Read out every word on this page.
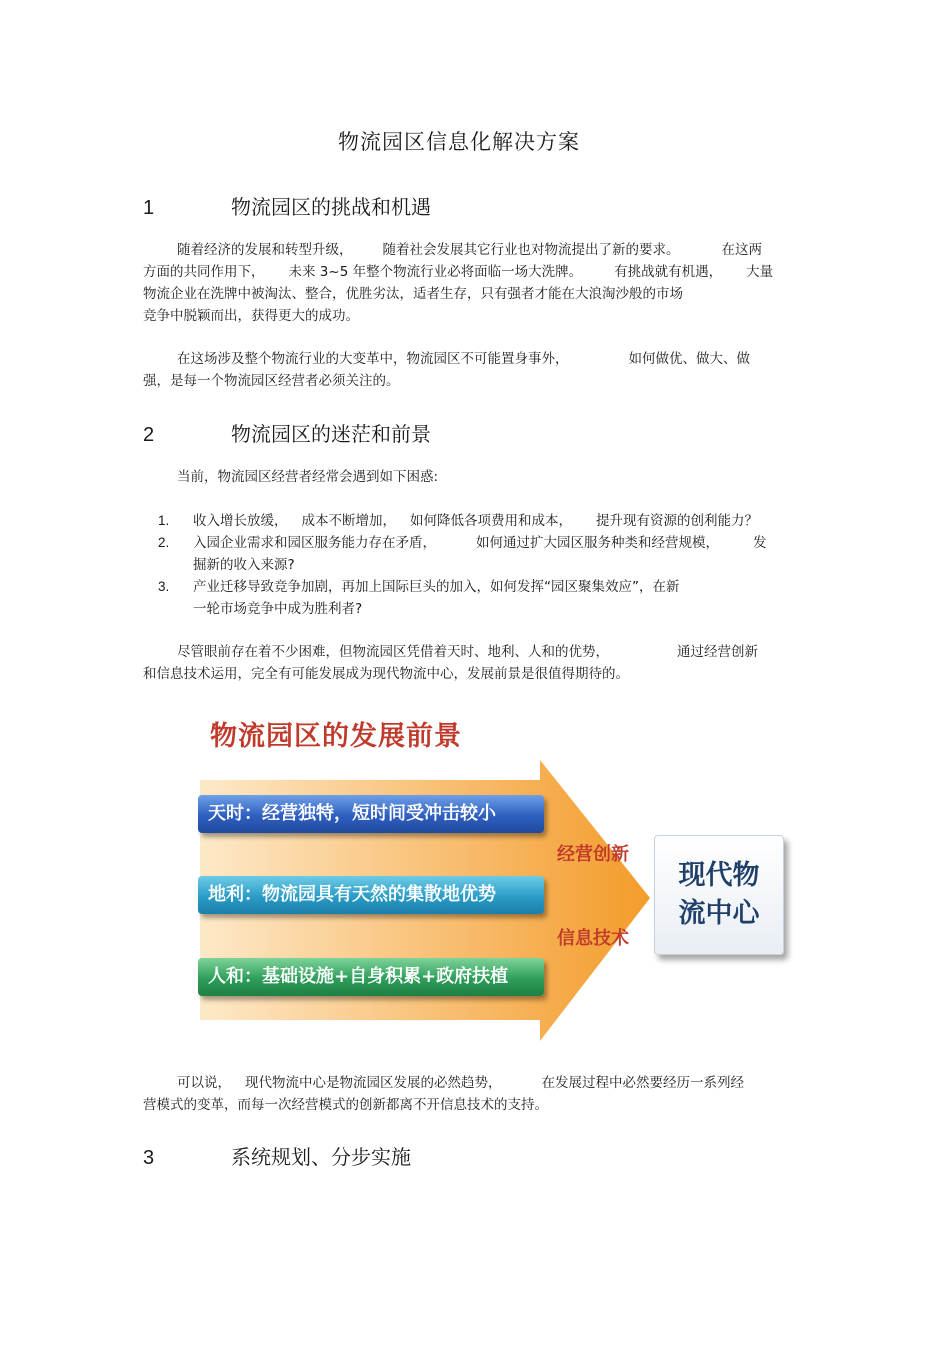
物流园区信息化解决方案
1	物流园区的挑战和机遇
随着经济的发展和转型升级， 随着社会发展其它行业也对物流提出了新的要求。	在这两
方面的共同作用下， 未来 3~5 年整个物流行业必将面临一场大洗牌。 有挑战就有机遇， 大量
物流企业在洗牌中被淘汰、整合，优胜劣汰，适者生存，只有强者才能在大浪淘沙般的市场
竞争中脱颖而出，获得更大的成功。
在这场涉及整个物流行业的大变革中，物流园区不可能置身事外，	如何做优、做大、做
强，是每一个物流园区经营者必须关注的。
2	物流园区的迷茫和前景
当前，物流园区经营者经常会遇到如下困惑:
1. 收入增长放缓， 成本不断增加， 如何降低各项费用和成本， 提升现有资源的创利能力？
2. 入园企业需求和园区服务能力存在矛盾，	如何通过扩大园区服务种类和经营规模，	发
掘新的收入来源?
3. 产业迁移导致竞争加剧，再加上国际巨头的加入，如何发挥“园区聚集效应”，在新
一轮市场竞争中成为胜利者?
尽管眼前存在着不少困难，但物流园区凭借着天时、地利、人和的优势，	通过经营创新
和信息技术运用，完全有可能发展成为现代物流中心，发展前景是很值得期待的。
物流园区的发展前景
天时：经营独特，短时间受冲击较小
地利：物流园具有天然的集散地优势
人和：基础设施+自身积累+政府扶植
经营创新
信息技术
现代物
流中心
可以说， 现代物流中心是物流园区发展的必然趋势，	在发展过程中必然要经历一系列经
营模式的变革，而每一次经营模式的创新都离不开信息技术的支持。
3	系统规划、分步实施
